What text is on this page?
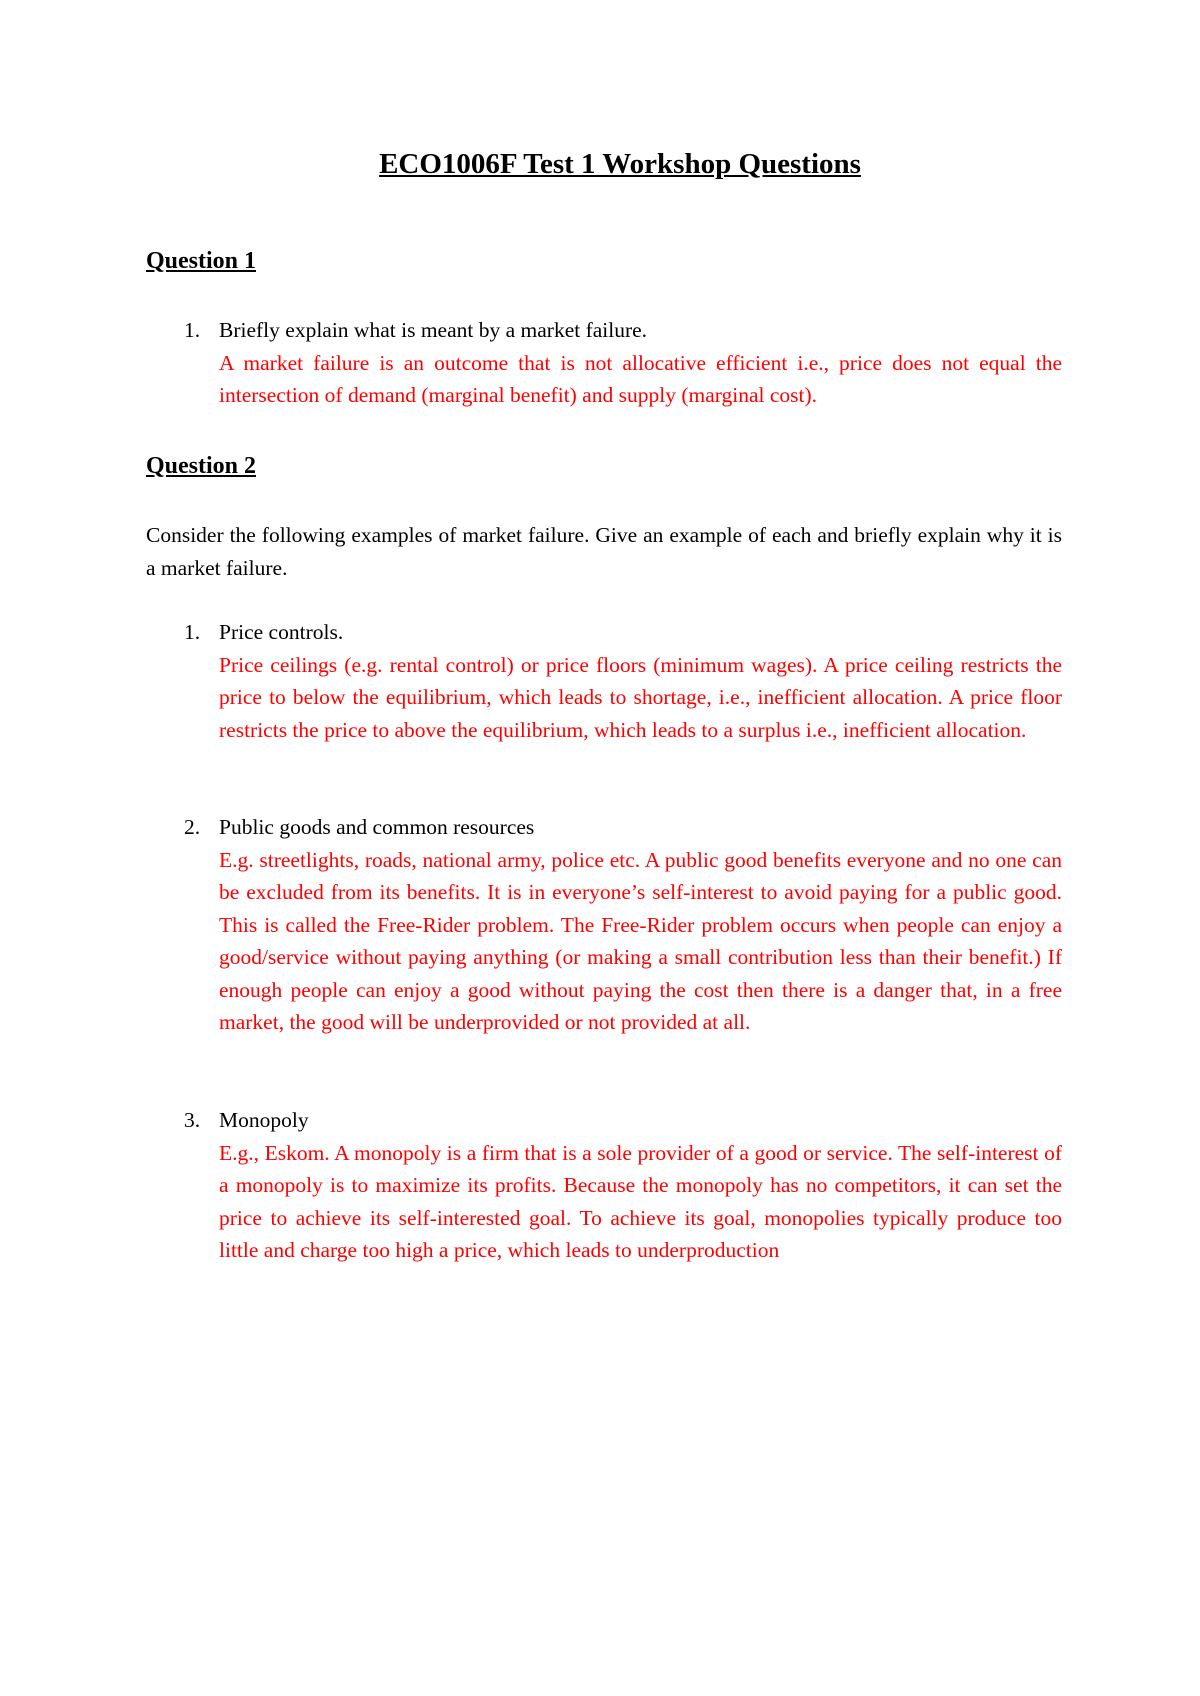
ECO1006F Test 1 Workshop Questions
Question 1
1. Briefly explain what is meant by a market failure.
A market failure is an outcome that is not allocative efficient i.e., price does not equal the intersection of demand (marginal benefit) and supply (marginal cost).
Question 2
Consider the following examples of market failure. Give an example of each and briefly explain why it is a market failure.
1. Price controls.
Price ceilings (e.g. rental control) or price floors (minimum wages). A price ceiling restricts the price to below the equilibrium, which leads to shortage, i.e., inefficient allocation. A price floor restricts the price to above the equilibrium, which leads to a surplus i.e., inefficient allocation.
2. Public goods and common resources
E.g. streetlights, roads, national army, police etc. A public good benefits everyone and no one can be excluded from its benefits. It is in everyone’s self-interest to avoid paying for a public good. This is called the Free-Rider problem. The Free-Rider problem occurs when people can enjoy a good/service without paying anything (or making a small contribution less than their benefit.) If enough people can enjoy a good without paying the cost then there is a danger that, in a free market, the good will be underprovided or not provided at all.
3. Monopoly
E.g., Eskom. A monopoly is a firm that is a sole provider of a good or service. The self-interest of a monopoly is to maximize its profits. Because the monopoly has no competitors, it can set the price to achieve its self-interested goal. To achieve its goal, monopolies typically produce too little and charge too high a price, which leads to underproduction
